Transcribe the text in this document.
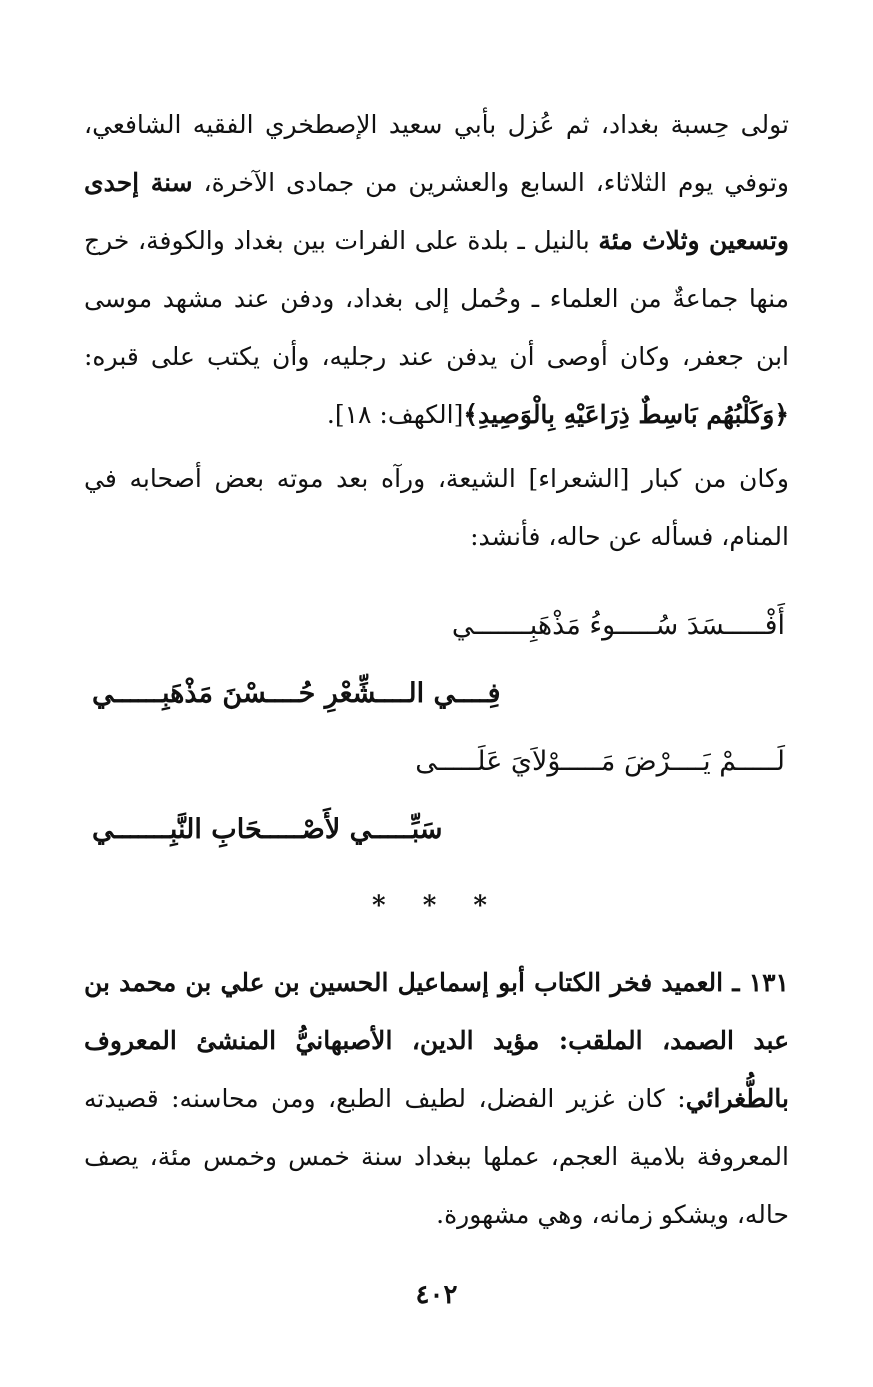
تولى حِسبة بغداد، ثم عُزل بأبي سعيد الإصطخري الفقيه الشافعي، وتوفي يوم الثلاثاء، السابع والعشرين من جمادى الآخرة، سنة إحدى وتسعين وثلاث مئة بالنيل ـ بلدة على الفرات بين بغداد والكوفة، خرج منها جماعةٌ من العلماء ـ وحُمل إلى بغداد، ودفن عند مشهد موسى ابن جعفر، وكان أوصى أن يدفن عند رجليه، وأن يكتب على قبره: ﴿وَكَلْبُهُم بَاسِطٌ ذِرَاعَيْهِ بِالْوَصِيدِ﴾[الكهف: ١٨].

وكان من كبار [الشعراء] الشيعة، ورآه بعد موته بعض أصحابه في المنام، فسأله عن حاله، فأنشد:

أَفْـــــسَدَ سُـــــوءُ مَذْهَبِـــــــي
فِــــي الــــشِّعْرِ حُــــسْنَ مَذْهَبِــــــي
لَـــــمْ يَــــرْضَ مَـــــوْلاَيَ عَلَـــــى
سَبِّـــــي لأَصْـــــحَابِ النَّبِـــــــي
* * *

١٣١ ـ العميد فخر الكتاب أبو إسماعيل الحسين بن علي بن محمد بن عبد الصمد، الملقب: مؤيد الدين، الأصبهانيُّ المنشئ المعروف بالطُّغرائي: كان غزير الفضل، لطيف الطبع، ومن محاسنه: قصيدته المعروفة بلامية العجم، عملها ببغداد سنة خمس وخمس مئة، يصف حاله، ويشكو زمانه، وهي مشهورة.

٤٠٢
